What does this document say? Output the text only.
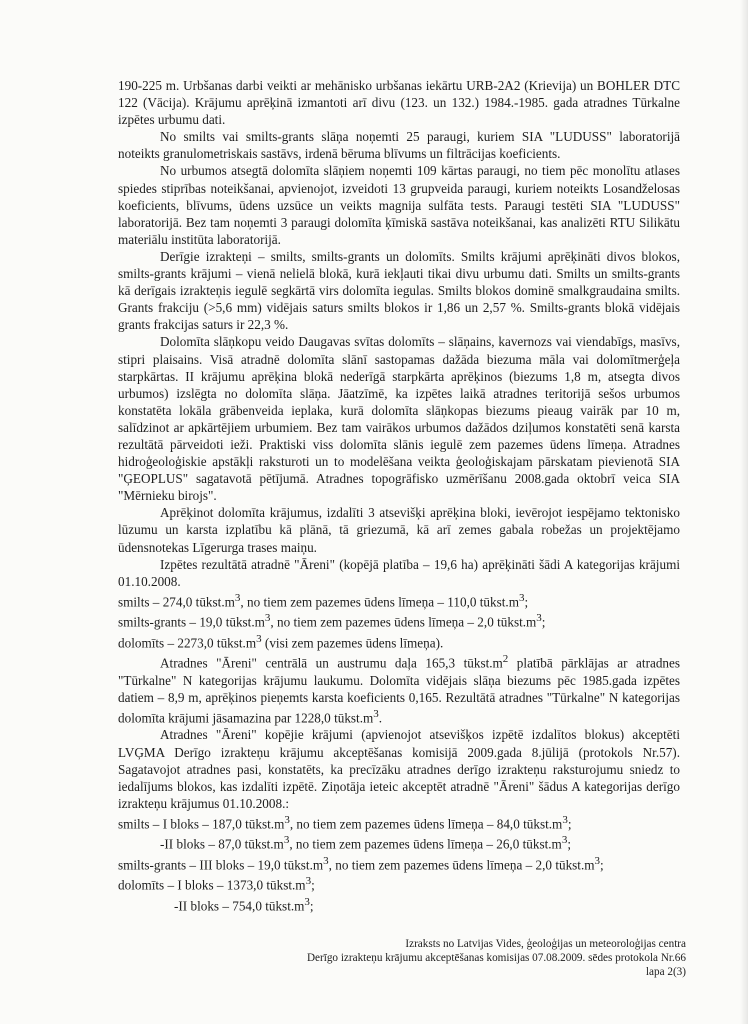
190-225 m. Urbšanas darbi veikti ar mehānisko urbšanas iekārtu URB-2A2 (Krievija) un BOHLER DTC 122 (Vācija). Krājumu aprēķinā izmantoti arī divu (123. un 132.) 1984.-1985. gada atradnes Tūrkalne izpētes urbumu dati.

No smilts vai smilts-grants slāņa noņemti 25 paraugi, kuriem SIA "LUDUSS" laboratorijā noteikts granulometriskais sastāvs, irdenā bēruma blīvums un filtrācijas koeficients.

No urbumos atsegtā dolomīta slāņiem noņemti 109 kārtas paraugi, no tiem pēc monolītu atlases spiedes stiprības noteikšanai, apvienojot, izveidoti 13 grupveida paraugi, kuriem noteikts Losandželosas koeficients, blīvums, ūdens uzsūce un veikts magnija sulfāta tests. Paraugi testēti SIA "LUDUSS" laboratorijā. Bez tam noņemti 3 paraugi dolomīta ķīmiskā sastāva noteikšanai, kas analizēti RTU Silikātu materiālu institūta laboratorijā.

Derīgie izrakteņi – smilts, smilts-grants un dolomīts. Smilts krājumi aprēķināti divos blokos, smilts-grants krājumi – vienā nelielā blokā, kurā iekļauti tikai divu urbumu dati. Smilts un smilts-grants kā derīgais izrakteņis iegulē segkārtā virs dolomīta iegulas. Smilts blokos dominē smalkgraudaina smilts. Grants frakciju (>5,6 mm) vidējais saturs smilts blokos ir 1,86 un 2,57 %. Smilts-grants blokā vidējais grants frakcijas saturs ir 22,3 %.

Dolomīta slāņkopu veido Daugavas svītas dolomīts – slāņains, kavernozs vai viendabīgs, masīvs, stipri plaisains. Visā atradnē dolomīta slānī sastopamas dažāda biezuma māla vai dolomītmerģeļa starpkārtas. II krājumu aprēķina blokā nederīgā starpkārta aprēķinos (biezums 1,8 m, atsegta divos urbumos) izslēgta no dolomīta slāņa. Jāatzīmē, ka izpētes laikā atradnes teritorijā sešos urbumos konstatēta lokāla grābenveida ieplaka, kurā dolomīta slāņkopas biezums pieaug vairāk par 10 m, salīdzinot ar apkārtējiem urbumiem. Bez tam vairākos urbumos dažādos dziļumos konstatēti senā karsta rezultātā pārveidoti ieži. Praktiski viss dolomīta slānis iegulē zem pazemes ūdens līmeņa. Atradnes hidroģeoloģiskie apstākļi raksturoti un to modelēšana veikta ģeoloģiskajam pārskatam pievienotā SIA "ĢEOPLUS" sagatavotā pētījumā. Atradnes topogrāfisko uzmērīšanu 2008.gada oktobrī veica SIA "Mērnieku birojs".

Aprēķinot dolomīta krājumus, izdalīti 3 atsevišķi aprēķina bloki, ievērojot iespējamo tektonisko lūzumu un karsta izplatību kā plānā, tā griezumā, kā arī zemes gabala robežas un projektējamo ūdensnotekas Līgerurga trases maiņu.

Izpētes rezultātā atradnē "Āreni" (kopējā platība – 19,6 ha) aprēķināti šādi A kategorijas krājumi 01.10.2008.

smilts – 274,0 $tūkst.m^3$, no tiem zem pazemes ūdens līmeņa – 110,0 $tūkst.m^3$;
smilts-grants – 19,0 $tūkst.m^3$, no tiem zem pazemes ūdens līmeņa – 2,0 $tūkst.m^3$;
dolomīts – 2273,0 $tūkst.m^3$ (visi zem pazemes ūdens līmeņa).

Atradnes "Āreni" centrālā un austrumu daļa 165,3 $tūkst.m^2$ platībā pārklājas ar atradnes "Tūrkalne" N kategorijas krājumu laukumu. Dolomīta vidējais slāņa biezums pēc 1985.gada izpētes datiem – 8,9 m, aprēķinos pieņemts karsta koeficients 0,165. Rezultātā atradnes "Tūrkalne" N kategorijas dolomīta krājumi jāsamazina par 1228,0 $tūkst.m^3$.

Atradnes "Āreni" kopējie krājumi (apvienojot atsevišķos izpētē izdalītos blokus) akceptēti LVĢMA Derīgo izrakteņu krājumu akceptēšanas komisijā 2009.gada 8.jūlijā (protokols Nr.57). Sagatavojot atradnes pasi, konstatēts, ka precīzāku atradnes derīgo izrakteņu raksturojumu sniedz to iedalījums blokos, kas izdalīti izpētē. Ziņotāja ieteic akceptēt atradnē "Āreni" šādus A kategorijas derīgo izrakteņu krājumus 01.10.2008.:

smilts – I bloks – 187,0 $tūkst.m^3$, no tiem zem pazemes ūdens līmeņa – 84,0 $tūkst.m^3$;
-II bloks – 87,0 $tūkst.m^3$, no tiem zem pazemes ūdens līmeņa – 26,0 $tūkst.m^3$;
smilts-grants – III bloks – 19,0 $tūkst.m^3$, no tiem zem pazemes ūdens līmeņa – 2,0 $tūkst.m^3$;
dolomīts – I bloks – 1373,0 $tūkst.m^3$;
-II bloks – 754,0 $tūkst.m^3$;
Izraksts no Latvijas Vides, ģeoloģijas un meteoroloģijas centra
Derīgo izrakteņu krājumu akceptēšanas komisijas 07.08.2009. sēdes protokola Nr.66
lapa 2(3)
